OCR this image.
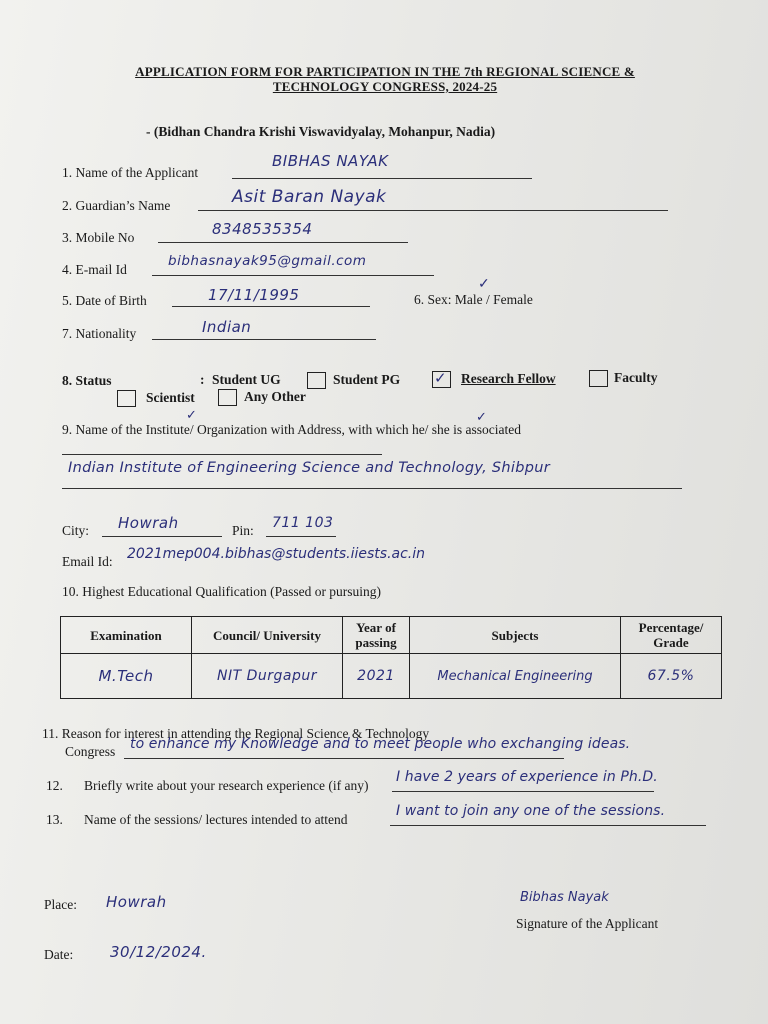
APPLICATION FORM FOR PARTICIPATION IN THE 7th REGIONAL SCIENCE &
TECHNOLOGY CONGRESS, 2024-25
- (Bidhan Chandra Krishi Viswavidyalay, Mohanpur, Nadia)
1. Name of the Applicant
BIBHAS NAYAK
2. Guardian’s Name	Asit Baran Nayak
3. Mobile No	8348535354
4. E-mail Id
bibhasnayak95@gmail.com
5. Date of Birth	17/11/1995	6. Sex: Male / Female
✓
7. Nationality	Indian
8. Status	: Student UG	Student PG ✓ Research Fellow	Faculty
Scientist	Any Other
✓	✓
9. Name of the Institute/ Organization with Address, with which he/ she is associated
Indian Institute of Engineering Science and Technology, Shibpur
City: Howrah	Pin: 711 103
Email Id: 2021mep004.bibhas@students.iiests.ac.in
10. Highest Educational Qualification (Passed or pursuing)
Examination	Council/ University	Year of passing	Subjects	Percentage/ Grade
M.Tech	NIT Durgapur	2021	Mechanical Engineering	67.5%
11. Reason for interest in attending the Regional Science & Technology
Congress to enhance my Knowledge and to meet people who exchanging ideas.
12. Briefly write about your research experience (if any)
I have 2 years of experience in Ph.D.
13. Name of the sessions/ lectures intended to attend
I want to join any one of the sessions.
Place: Howrah	Bibhas Nayak
Signature of the Applicant
Date: 30/12/2024.
